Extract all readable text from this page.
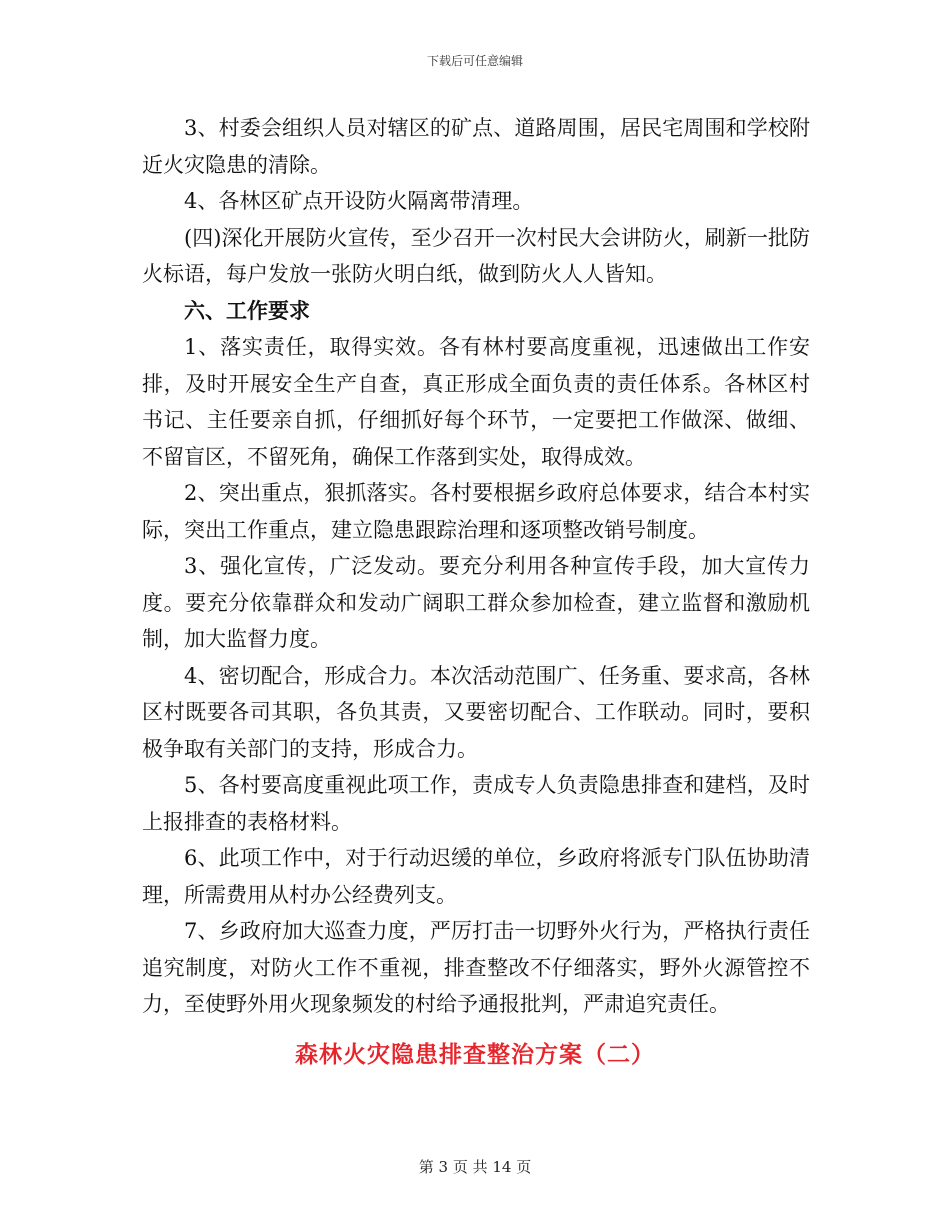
下载后可任意编辑

3、村委会组织人员对辖区的矿点、道路周围，居民宅周围和学校附近火灾隐患的清除。

4、各林区矿点开设防火隔离带清理。

(四)深化开展防火宣传，至少召开一次村民大会讲防火，刷新一批防火标语，每户发放一张防火明白纸，做到防火人人皆知。

六、工作要求

1、落实责任，取得实效。各有林村要高度重视，迅速做出工作安排，及时开展安全生产自查，真正形成全面负责的责任体系。各林区村书记、主任要亲自抓，仔细抓好每个环节，一定要把工作做深、做细、不留盲区，不留死角，确保工作落到实处，取得成效。

2、突出重点，狠抓落实。各村要根据乡政府总体要求，结合本村实际，突出工作重点，建立隐患跟踪治理和逐项整改销号制度。

3、强化宣传，广泛发动。要充分利用各种宣传手段，加大宣传力度。要充分依靠群众和发动广阔职工群众参加检查，建立监督和激励机制，加大监督力度。

4、密切配合，形成合力。本次活动范围广、任务重、要求高，各林区村既要各司其职，各负其责，又要密切配合、工作联动。同时，要积极争取有关部门的支持，形成合力。

5、各村要高度重视此项工作，责成专人负责隐患排查和建档，及时上报排查的表格材料。

6、此项工作中，对于行动迟缓的单位，乡政府将派专门队伍协助清理，所需费用从村办公经费列支。

7、乡政府加大巡查力度，严厉打击一切野外火行为，严格执行责任追究制度，对防火工作不重视，排查整改不仔细落实，野外火源管控不力，至使野外用火现象频发的村给予通报批判，严肃追究责任。

森林火灾隐患排查整治方案（二）
第 3 页 共 14 页
